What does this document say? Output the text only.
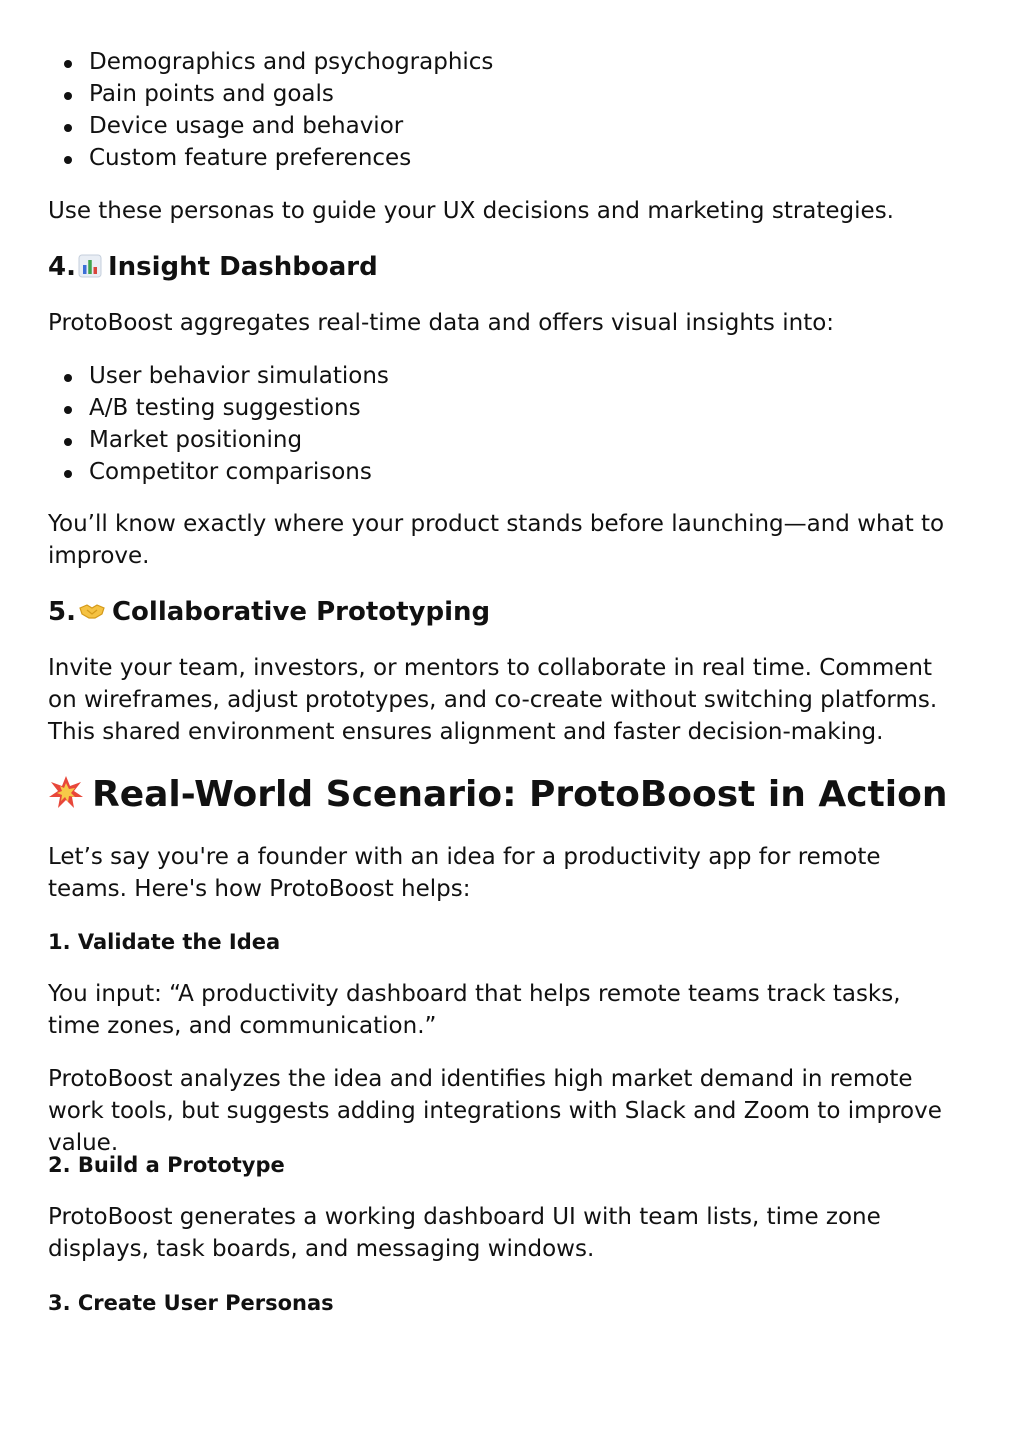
Demographics and psychographics
Pain points and goals
Device usage and behavior
Custom feature preferences

Use these personas to guide your UX decisions and marketing strategies.

4. Insight Dashboard

ProtoBoost aggregates real-time data and offers visual insights into:

User behavior simulations
A/B testing suggestions
Market positioning
Competitor comparisons

You’ll know exactly where your product stands before launching—and what to improve.

5. Collaborative Prototyping

Invite your team, investors, or mentors to collaborate in real time. Comment on wireframes, adjust prototypes, and co-create without switching platforms. This shared environment ensures alignment and faster decision-making.

Real-World Scenario: ProtoBoost in Action

Let’s say you're a founder with an idea for a productivity app for remote teams. Here's how ProtoBoost helps:

1. Validate the Idea

You input: “A productivity dashboard that helps remote teams track tasks, time zones, and communication.”

ProtoBoost analyzes the idea and identifies high market demand in remote work tools, but suggests adding integrations with Slack and Zoom to improve value.

2. Build a Prototype

ProtoBoost generates a working dashboard UI with team lists, time zone displays, task boards, and messaging windows.

3. Create User Personas
